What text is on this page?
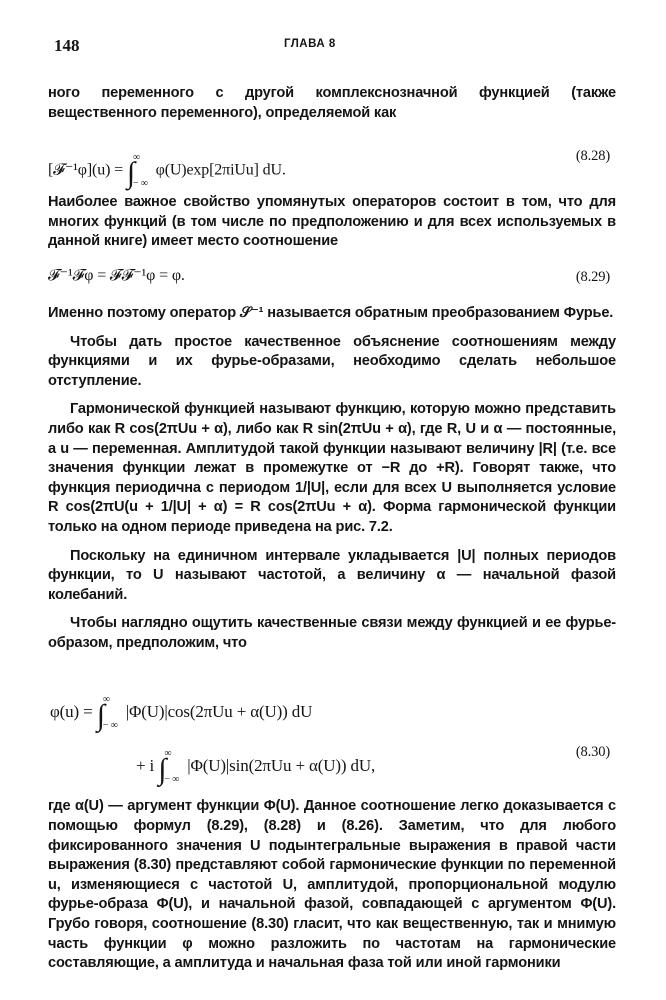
148	ГЛАВА 8

ного переменного с другой комплекснозначной функцией (также вещественного переменного), определяемой как

[𝓕⁻¹φ](u) = ∫
∞
− ∞
φ(U)exp[2πiUu] dU.
(8.28)

Наиболее важное свойство упомянутых операторов состоит в том, что для многих функций (в том числе по предположению и для всех используемых в данной книге) имеет место соотношение

𝓕⁻¹𝓕φ = 𝓕𝓕⁻¹φ = φ.	(8.29)

Именно поэтому оператор 𝒮⁻¹ называется обратным преобразованием Фурье.

Чтобы дать простое качественное объяснение соотношениям между функциями и их фурье-образами, необходимо сделать небольшое отступление.

Гармонической функцией называют функцию, которую можно представить либо как R cos(2πUu + α), либо как R sin(2πUu + α), где R, U и α — постоянные, а u — переменная. Амплитудой такой функции называют величину |R| (т.е. все значения функции лежат в промежутке от −R до +R). Говорят также, что функция периодична с периодом 1/|U|, если для всех U выполняется условие R cos(2πU(u + 1/|U| + α) = R cos(2πUu + α). Форма гармонической функции только на одном периоде приведена на рис. 7.2.

Поскольку на единичном интервале укладывается |U| полных периодов функции, то U называют частотой, а величину α — начальной фазой колебаний.

Чтобы наглядно ощутить качественные связи между функцией и ее фурье-образом, предположим, что

φ(u) = ∫
∞
− ∞
|Φ(U)|cos(2πUu + α(U)) dU
+ i ∫
∞
− ∞
|Φ(U)|sin(2πUu + α(U)) dU,
(8.30)

где α(U) — аргумент функции Φ(U). Данное соотношение легко доказывается с помощью формул (8.29), (8.28) и (8.26). Заметим, что для любого фиксированного значения U подынтегральные выражения в правой части выражения (8.30) представляют собой гармонические функции по переменной u, изменяющиеся с частотой U, амплитудой, пропорциональной модулю фурье-образа Φ(U), и начальной фазой, совпадающей с аргументом Φ(U). Грубо говоря, соотношение (8.30) гласит, что как вещественную, так и мнимую часть функции φ можно разложить по частотам на гармонические составляющие, а амплитуда и начальная фаза той или иной гармоники
